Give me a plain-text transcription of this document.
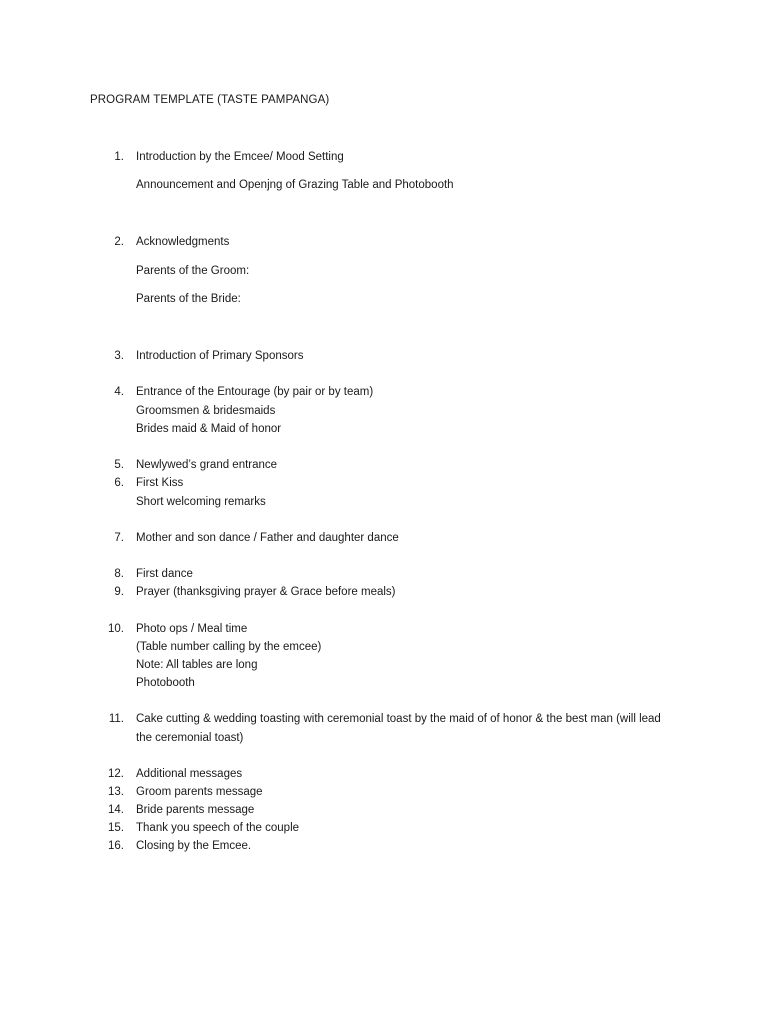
PROGRAM TEMPLATE (TASTE PAMPANGA)
1. Introduction by the Emcee/ Mood Setting
Announcement and Openjng of Grazing Table and Photobooth
2. Acknowledgments
Parents of the Groom:
Parents of the Bride:
3. Introduction of Primary Sponsors
4. Entrance of the Entourage (by pair or by team)
Groomsmen & bridesmaids
Brides maid & Maid of honor
5. Newlywed’s grand entrance
6. First Kiss
Short welcoming remarks
7. Mother and son dance / Father and daughter dance
8. First dance
9. Prayer (thanksgiving prayer & Grace before meals)
10. Photo ops / Meal time
(Table number calling by the emcee)
Note: All tables are long
Photobooth
11. Cake cutting & wedding toasting with ceremonial toast by the maid of of honor & the best man (will lead
the ceremonial toast)
12. Additional messages
13. Groom parents message
14. Bride parents message
15. Thank you speech of the couple
16. Closing by the Emcee.
